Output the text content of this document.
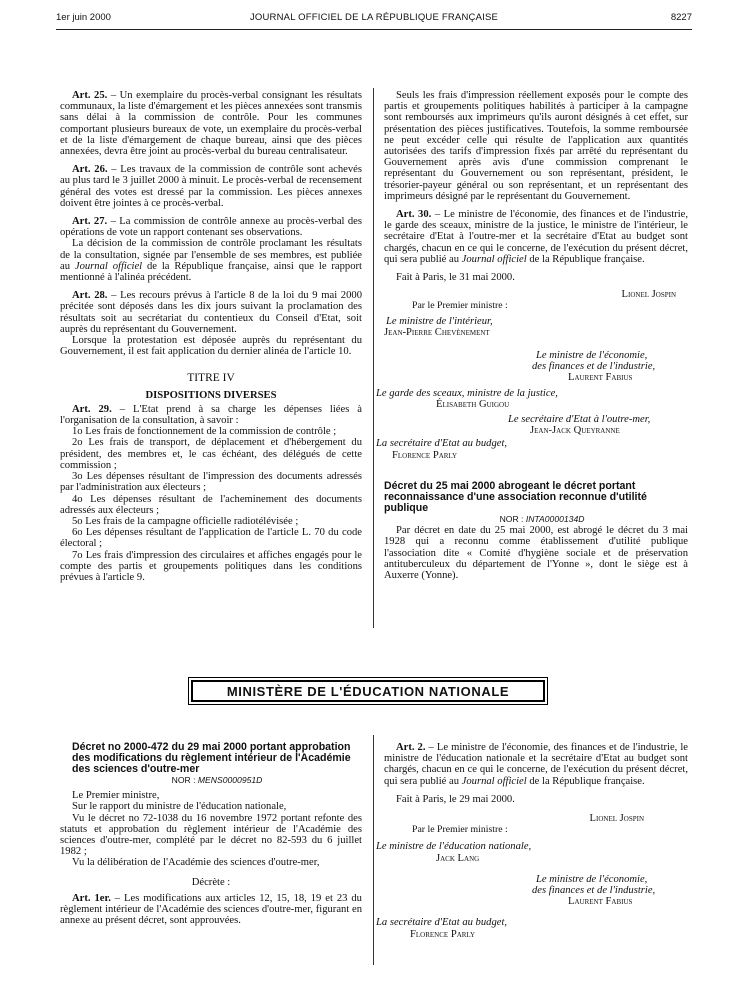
1er juin 2000	JOURNAL OFFICIEL DE LA RÉPUBLIQUE FRANÇAISE	8227

Art. 25. – Un exemplaire du procès-verbal consignant les résultats communaux, la liste d'émargement et les pièces annexées sont transmis sans délai à la commission de contrôle. Pour les communes comportant plusieurs bureaux de vote, un exemplaire du procès-verbal et de la liste d'émargement de chaque bureau, ainsi que des pièces annexées, devra être joint au procès-verbal du bureau centralisateur.

Art. 26. – Les travaux de la commission de contrôle sont achevés au plus tard le 3 juillet 2000 à minuit. Le procès-verbal de recensement général des votes est dressé par la commission. Les pièces annexes doivent être jointes à ce procès-verbal.

Art. 27. – La commission de contrôle annexe au procès-verbal des opérations de vote un rapport contenant ses observations.

La décision de la commission de contrôle proclamant les résultats de la consultation, signée par l'ensemble de ses membres, est publiée au Journal officiel de la République française, ainsi que le rapport mentionné à l'alinéa précédent.

Art. 28. – Les recours prévus à l'article 8 de la loi du 9 mai 2000 précitée sont déposés dans les dix jours suivant la proclamation des résultats soit au secrétariat du contentieux du Conseil d'Etat, soit auprès du représentant du Gouvernement.

Lorsque la protestation est déposée auprès du représentant du Gouvernement, il est fait application du dernier alinéa de l'article 10.

TITRE IV

DISPOSITIONS DIVERSES

Art. 29. – L'Etat prend à sa charge les dépenses liées à l'organisation de la consultation, à savoir :

1o Les frais de fonctionnement de la commission de contrôle ;

2o Les frais de transport, de déplacement et d'hébergement du président, des membres et, le cas échéant, des délégués de cette commission ;

3o Les dépenses résultant de l'impression des documents adressés par l'administration aux électeurs ;

4o Les dépenses résultant de l'acheminement des documents adressés aux électeurs ;

5o Les frais de la campagne officielle radiotélévisée ;

6o Les dépenses résultant de l'application de l'article L. 70 du code électoral ;

7o Les frais d'impression des circulaires et affiches engagés pour le compte des partis et groupements politiques dans les conditions prévues à l'article 9.

Seuls les frais d'impression réellement exposés pour le compte des partis et groupements politiques habilités à participer à la campagne sont remboursés aux imprimeurs qu'ils auront désignés à cet effet, sur présentation des pièces justificatives. Toutefois, la somme remboursée ne peut excéder celle qui résulte de l'application aux quantités autorisées des tarifs d'impression fixés par arrêté du représentant du Gouvernement après avis d'une commission comprenant le représentant du Gouvernement ou son représentant, président, le trésorier-payeur général ou son représentant, et un représentant des imprimeurs désigné par le représentant du Gouvernement.

Art. 30. – Le ministre de l'économie, des finances et de l'industrie, le garde des sceaux, ministre de la justice, le ministre de l'intérieur, le secrétaire d'Etat à l'outre-mer et la secrétaire d'Etat au budget sont chargés, chacun en ce qui le concerne, de l'exécution du présent décret, qui sera publié au Journal officiel de la République française.

Fait à Paris, le 31 mai 2000.

Lionel Jospin

Par le Premier ministre :

Le ministre de l'intérieur,

Jean-Pierre Chevènement

Le ministre de l'économie,

des finances et de l'industrie,

Laurent Fabius

Le garde des sceaux, ministre de la justice,

Élisabeth Guigou

Le secrétaire d'Etat à l'outre-mer,

Jean-Jack Queyranne

La secrétaire d'Etat au budget,

Florence Parly

Décret du 25 mai 2000 abrogeant le décret portant reconnaissance d'une association reconnue d'utilité publique

NOR : INTA0000134D

Par décret en date du 25 mai 2000, est abrogé le décret du 3 mai 1928 qui a reconnu comme établissement d'utilité publique l'association dite « Comité d'hygiène sociale et de préservation antituberculeux du département de l'Yonne », dont le siège est à Auxerre (Yonne).

MINISTÈRE DE L'ÉDUCATION NATIONALE

Décret no 2000-472 du 29 mai 2000 portant approbation des modifications du règlement intérieur de l'Académie des sciences d'outre-mer

NOR : MENS0000951D

Le Premier ministre,

Sur le rapport du ministre de l'éducation nationale,

Vu le décret no 72-1038 du 16 novembre 1972 portant refonte des statuts et approbation du règlement intérieur de l'Académie des sciences d'outre-mer, complété par le décret no 82-593 du 6 juillet 1982 ;

Vu la délibération de l'Académie des sciences d'outre-mer,

Décrète :

Art. 1er. – Les modifications aux articles 12, 15, 18, 19 et 23 du règlement intérieur de l'Académie des sciences d'outre-mer, figurant en annexe au présent décret, sont approuvées.

Art. 2. – Le ministre de l'économie, des finances et de l'industrie, le ministre de l'éducation nationale et la secrétaire d'Etat au budget sont chargés, chacun en ce qui le concerne, de l'exécution du présent décret, qui sera publié au Journal officiel de la République française.

Fait à Paris, le 29 mai 2000.

Lionel Jospin

Par le Premier ministre :

Le ministre de l'éducation nationale,

Jack Lang

Le ministre de l'économie,

des finances et de l'industrie,

Laurent Fabius

La secrétaire d'Etat au budget,

Florence Parly
